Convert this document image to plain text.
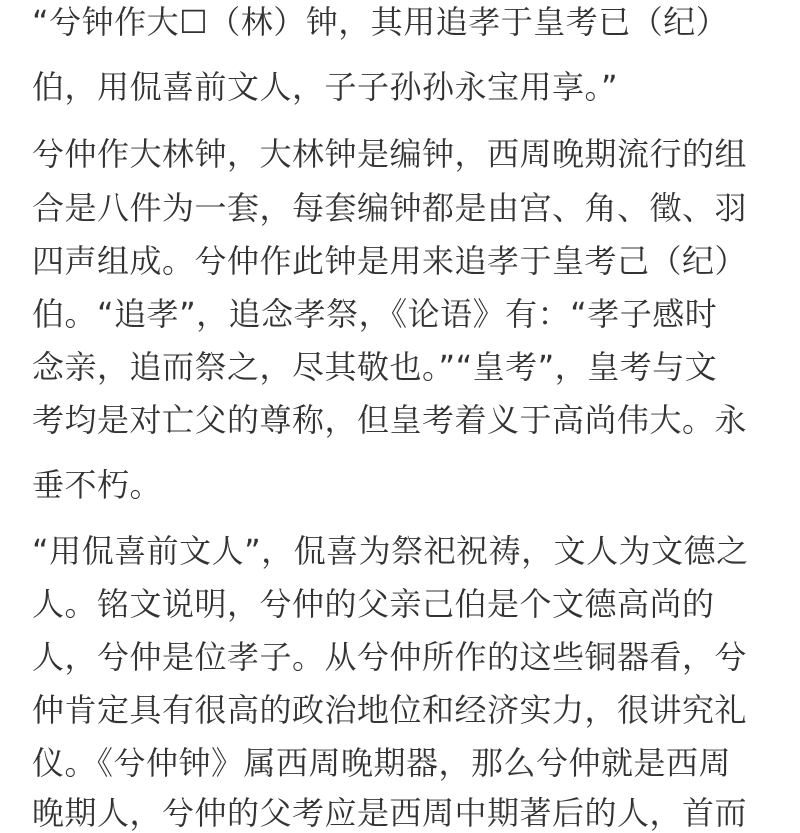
“兮钟作大☐（林）钟，其用追孝于皇考已（纪）
伯，用侃喜前文人，子子孙孙永宝用享。”
兮仲作大林钟，大林钟是编钟，西周晚期流行的组
合是八件为一套，每套编钟都是由宫、角、徵、羽
四声组成。兮仲作此钟是用来追孝于皇考己（纪）
伯。“追孝”，追念孝祭，《论语》有：“孝子感时
念亲，追而祭之，尽其敬也。”“皇考”，皇考与文
考均是对亡父的尊称，但皇考着义于高尚伟大。永
垂不朽。
“用侃喜前文人”，侃喜为祭祀祝祷，文人为文德之
人。铭文说明，兮仲的父亲己伯是个文德高尚的
人，兮仲是位孝子。从兮仲所作的这些铜器看，兮
仲肯定具有很高的政治地位和经济实力，很讲究礼
仪。《兮仲钟》属西周晚期器，那么兮仲就是西周
晚期人，兮仲的父考应是西周中期著后的人，首而
